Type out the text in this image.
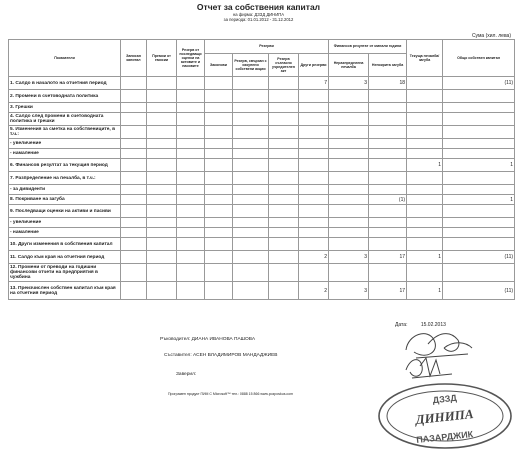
Отчет за собствения капитал
на фирма: ДЗЗД ДИНИПА
за периода: 01.01.2012 - 31.12.2012
Сума (хил. лева)
Показатели	Записан капитал	Премии от емисии	Резерв от последващи оценки на активите и пасивите	Резерви				Финансов резултат от минали години		Текуща печалба/ загуба	Общо собствен капитал
				Законови	Резерв, свързан с изкупени собствени акции	Резерв съгласно учредителен акт	Други резерви	Неразпределена печалба	Непокрита загуба		
1. Салдо в началото на отчетния период							7	3	18		(11)
2. Промени в счетоводната политика											
3. Грешки											
4. Салдо след промени в счетоводната политика и грешки											
5. Изменения за сметка на собствениците, в т.ч.:											
- увеличение											
- намаление											
6. Финансов резултат за текущия период										1	1
7. Разпределение на печалба, в т.ч.:											
- за дивиденти											
8. Покриване на загуба									(1)		1
9. Последващи оценки на активи и пасиви											
- увеличение											
- намаление											
10. Други изменения в собствения капитал											
11. Салдо към края на отчетния период							2	3	17	1	(11)
12. Промени от преводи на годишни финансови отчети на предприятия в чужбина											
13. Преизчислен собствен капитал към края на отчетния период							2	3	17	1	(11)
Дата:	15.02.2013
Ръководител: ДИАНА ИВАНОВА ПАШОВА
Съставител: АСЕН ВЛАДИМИРОВ МАНДАДЖИЕВ
Заверил:
Програмен продукт ПИМ С Microsoft™ тел.: 0888 15 866 www.pozposkus.com	ДЗЗД
ДИНИПА
ПАЗАРДЖИК
